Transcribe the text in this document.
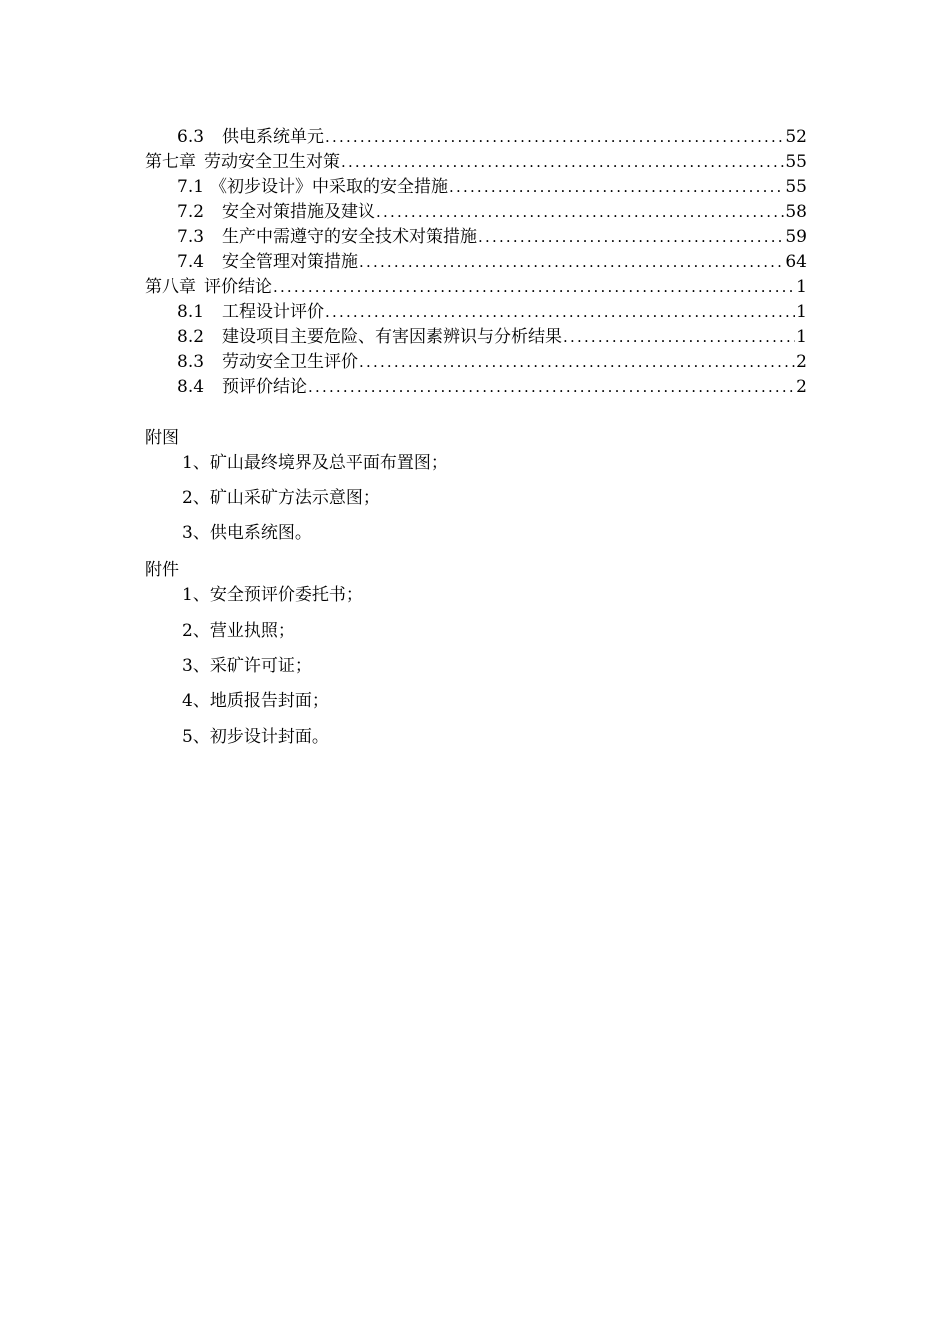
6.3 供电系统单元 .....	52
第七章 劳动安全卫生对策 .....	55
7.1 《初步设计》中采取的安全措施 .....	55
7.2 安全对策措施及建议 .....	58
7.3 生产中需遵守的安全技术对策措施 .....	59
7.4 安全管理对策措施 .....	64
第八章 评价结论 .....	1
8.1 工程设计评价 .....	1
8.2 建设项目主要危险、有害因素辨识与分析结果 .....	1
8.3 劳动安全卫生评价 .....	2
8.4 预评价结论 .....	2
附图
1、矿山最终境界及总平面布置图；
2、矿山采矿方法示意图；
3、供电系统图。
附件
1、安全预评价委托书；
2、营业执照；
3、采矿许可证；
4、地质报告封面；
5、初步设计封面。
